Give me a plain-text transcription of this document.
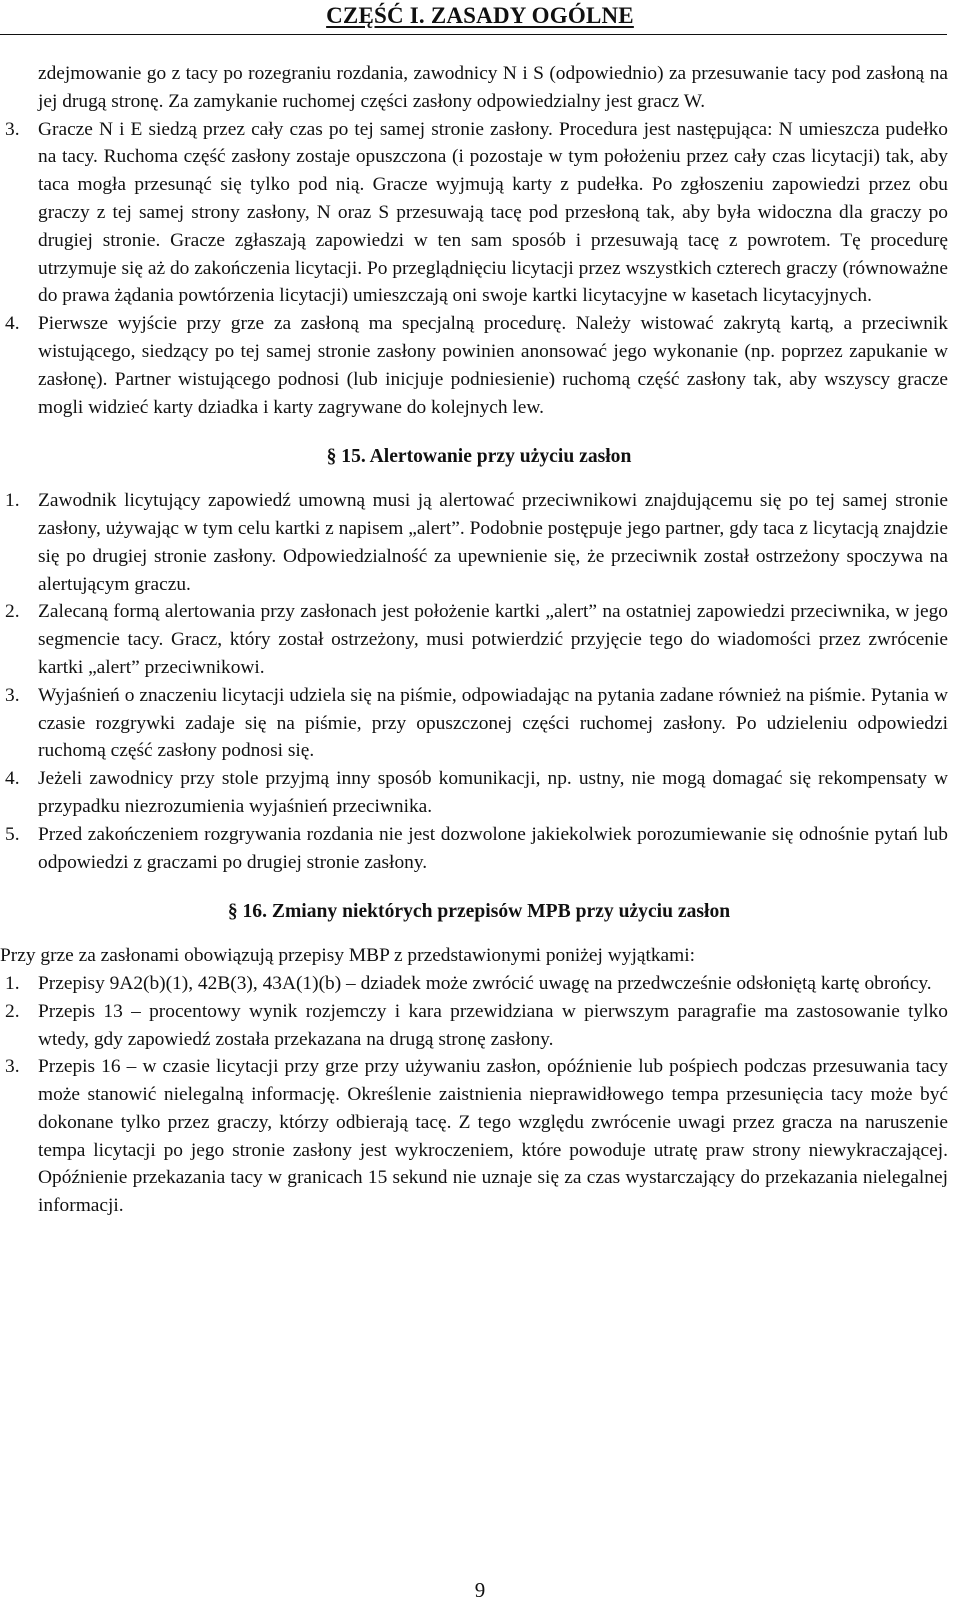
CZĘŚĆ I. ZASADY OGÓLNE

zdejmowanie go z tacy po rozegraniu rozdania, zawodnicy N i S (odpowiednio) za przesuwanie tacy pod zasłoną na jej drugą stronę. Za zamykanie ruchomej części zasłony odpowiedzialny jest gracz W.

3. Gracze N i E siedzą przez cały czas po tej samej stronie zasłony. Procedura jest następująca: N umieszcza pudełko na tacy. Ruchoma część zasłony zostaje opuszczona (i pozostaje w tym położeniu przez cały czas licytacji) tak, aby taca mogła przesunąć się tylko pod nią. Gracze wyjmują karty z pudełka. Po zgłoszeniu zapowiedzi przez obu graczy z tej samej strony zasłony, N oraz S przesuwają tacę pod przesłoną tak, aby była widoczna dla graczy po drugiej stronie. Gracze zgłaszają zapowiedzi w ten sam sposób i przesuwają tacę z powrotem. Tę procedurę utrzymuje się aż do zakończenia licytacji. Po przeglądnięciu licytacji przez wszystkich czterech graczy (równoważne do prawa żądania powtórzenia licytacji) umieszczają oni swoje kartki licytacyjne w kasetach licytacyjnych.
4. Pierwsze wyjście przy grze za zasłoną ma specjalną procedurę. Należy wistować zakrytą kartą, a przeciwnik wistującego, siedzący po tej samej stronie zasłony powinien anonsować jego wykonanie (np. poprzez zapukanie w zasłonę). Partner wistującego podnosi (lub inicjuje podniesienie) ruchomą część zasłony tak, aby wszyscy gracze mogli widzieć karty dziadka i karty zagrywane do kolejnych lew.
§ 15. Alertowanie przy użyciu zasłon
1. Zawodnik licytujący zapowiedź umowną musi ją alertować przeciwnikowi znajdującemu się po tej samej stronie zasłony, używając w tym celu kartki z napisem „alert”. Podobnie postępuje jego partner, gdy taca z licytacją znajdzie się po drugiej stronie zasłony. Odpowiedzialność za upewnienie się, że przeciwnik został ostrzeżony spoczywa na alertującym graczu.
2. Zalecaną formą alertowania przy zasłonach jest położenie kartki „alert” na ostatniej zapowiedzi przeciwnika, w jego segmencie tacy. Gracz, który został ostrzeżony, musi potwierdzić przyjęcie tego do wiadomości przez zwrócenie kartki „alert” przeciwnikowi.
3. Wyjaśnień o znaczeniu licytacji udziela się na piśmie, odpowiadając na pytania zadane również na piśmie. Pytania w czasie rozgrywki zadaje się na piśmie, przy opuszczonej części ruchomej zasłony. Po udzieleniu odpowiedzi ruchomą część zasłony podnosi się.
4. Jeżeli zawodnicy przy stole przyjmą inny sposób komunikacji, np. ustny, nie mogą domagać się rekompensaty w przypadku niezrozumienia wyjaśnień przeciwnika.
5. Przed zakończeniem rozgrywania rozdania nie jest dozwolone jakiekolwiek porozumiewanie się odnośnie pytań lub odpowiedzi z graczami po drugiej stronie zasłony.
§ 16. Zmiany niektórych przepisów MPB przy użyciu zasłon

Przy grze za zasłonami obowiązują przepisy MBP z przedstawionymi poniżej wyjątkami:

1. Przepisy 9A2(b)(1), 42B(3), 43A(1)(b) – dziadek może zwrócić uwagę na przedwcześnie odsłoniętą kartę obrońcy.
2. Przepis 13 – procentowy wynik rozjemczy i kara przewidziana w pierwszym paragrafie ma zastosowanie tylko wtedy, gdy zapowiedź została przekazana na drugą stronę zasłony.
3. Przepis 16 – w czasie licytacji przy grze przy używaniu zasłon, opóźnienie lub pośpiech podczas przesuwania tacy może stanowić nielegalną informację. Określenie zaistnienia nieprawidłowego tempa przesunięcia tacy może być dokonane tylko przez graczy, którzy odbierają tacę. Z tego względu zwrócenie uwagi przez gracza na naruszenie tempa licytacji po jego stronie zasłony jest wykroczeniem, które powoduje utratę praw strony niewykraczającej. Opóźnienie przekazania tacy w granicach 15 sekund nie uznaje się za czas wystarczający do przekazania nielegalnej informacji.
9
